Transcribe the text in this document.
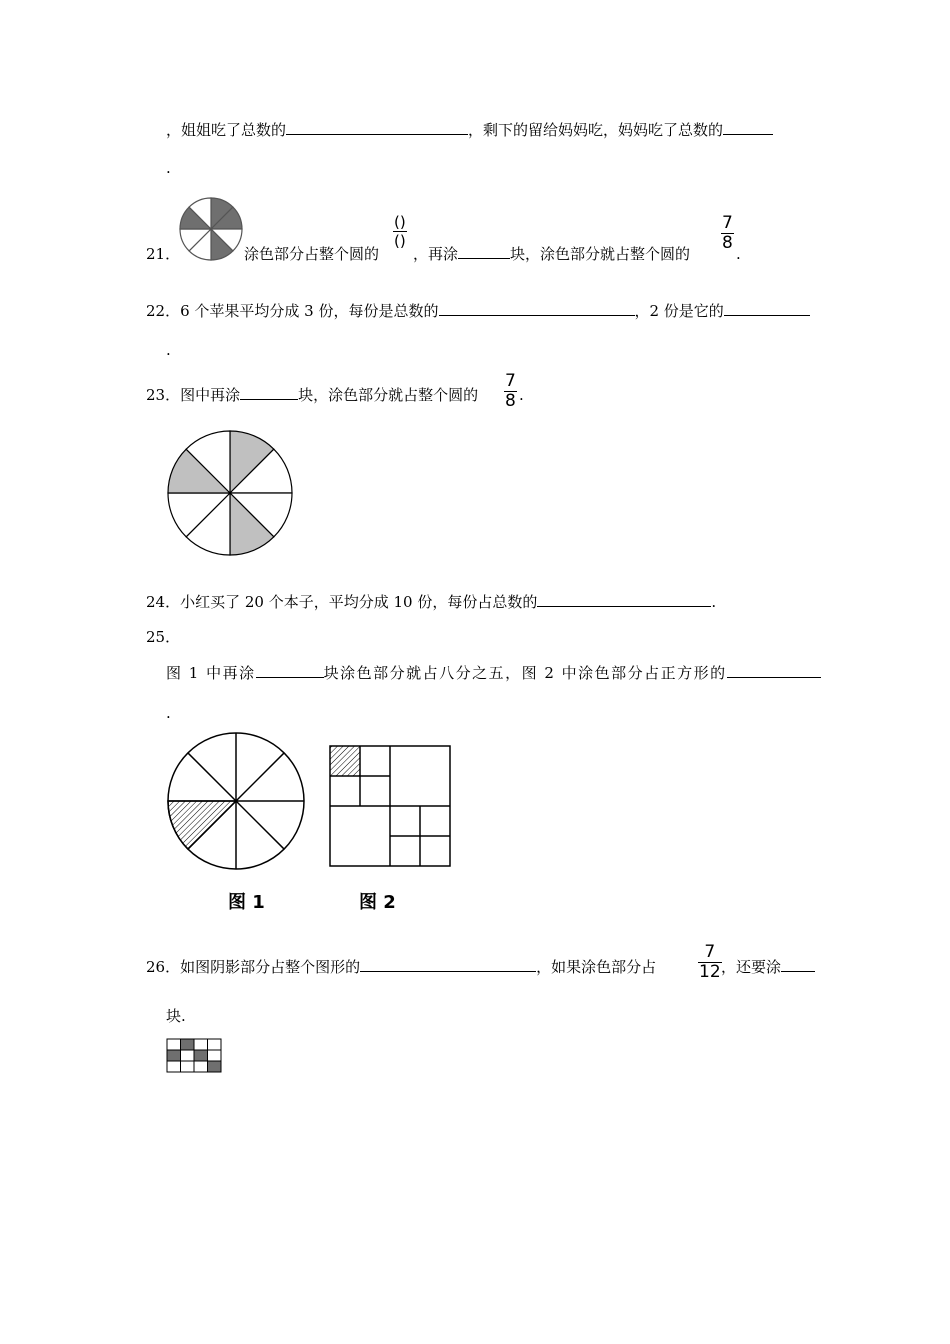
，姐姐吃了总数的	，剩下的留给妈妈吃，妈妈吃了总数的
.
21．	涂色部分占整个圆的
$\frac{()}{()}$
，再涂	块，涂色部分就占整个圆的
$\frac{7}{8}$
.
22．6 个苹果平均分成 3 份，每份是总数的	，2 份是它的
.
23．图中再涂	块，涂色部分就占整个圆的 $\frac{7}{8}$ .
24．小红买了 20 个本子，平均分成 10 份，每份占总数的	.
25．
图 1 中再涂	块涂色部分就占八分之五，图 2 中涂色部分占正方形的
.
图 1	图 2
26．如图阴影部分占整个图形的	，如果涂色部分占 $\frac{7}{12}$ ，还要涂
块.
